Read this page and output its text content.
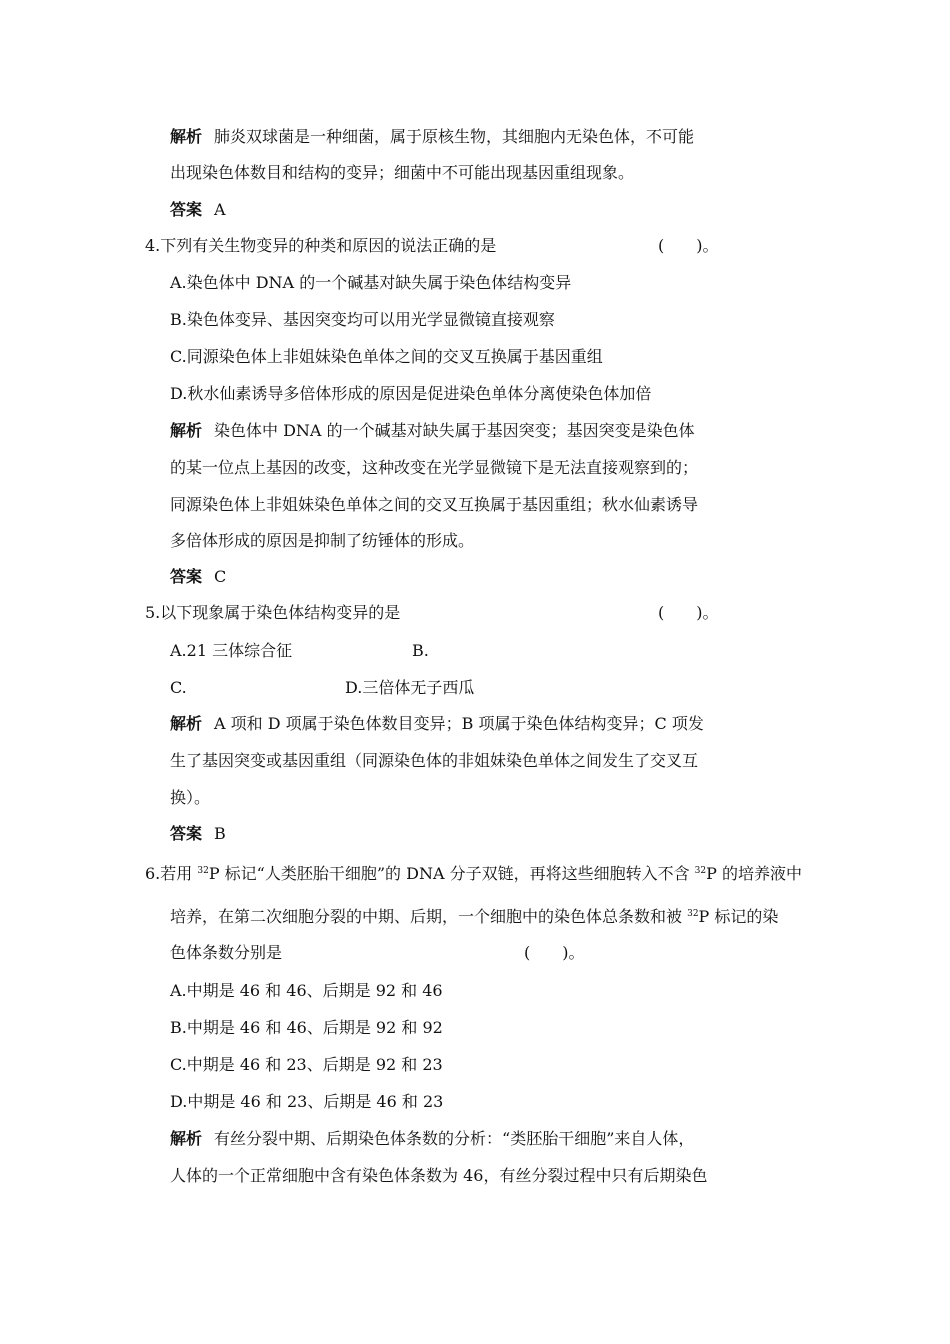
解析 肺炎双球菌是一种细菌，属于原核生物，其细胞内无染色体，不可能
出现染色体数目和结构的变异；细菌中不可能出现基因重组现象。
答案 A
4.下列有关生物变异的种类和原因的说法正确的是	(　　)。
A.染色体中 DNA 的一个碱基对缺失属于染色体结构变异
B.染色体变异、基因突变均可以用光学显微镜直接观察
C.同源染色体上非姐妹染色单体之间的交叉互换属于基因重组
D.秋水仙素诱导多倍体形成的原因是促进染色单体分离使染色体加倍
解析 染色体中 DNA 的一个碱基对缺失属于基因突变；基因突变是染色体
的某一位点上基因的改变，这种改变在光学显微镜下是无法直接观察到的；
同源染色体上非姐妹染色单体之间的交叉互换属于基因重组；秋水仙素诱导
多倍体形成的原因是抑制了纺锤体的形成。
答案 C
5.以下现象属于染色体结构变异的是	(　　)。
A.21 三体综合征	B.
C.	D.三倍体无子西瓜
解析 A 项和 D 项属于染色体数目变异；B 项属于染色体结构变异；C 项发
生了基因突变或基因重组（同源染色体的非姐妹染色单体之间发生了交叉互
换）。
答案 B
6.若用 $^{32}$P 标记“人类胚胎干细胞”的 DNA 分子双链，再将这些细胞转入不含 $^{32}$P 的培养液中
培养，在第二次细胞分裂的中期、后期，一个细胞中的染色体总条数和被 $^{32}$P 标记的染
色体条数分别是	(　　)。
A.中期是 46 和 46、后期是 92 和 46
B.中期是 46 和 46、后期是 92 和 92
C.中期是 46 和 23、后期是 92 和 23
D.中期是 46 和 23、后期是 46 和 23
解析 有丝分裂中期、后期染色体条数的分析：“类胚胎干细胞”来自人体，
人体的一个正常细胞中含有染色体条数为 46，有丝分裂过程中只有后期染色
